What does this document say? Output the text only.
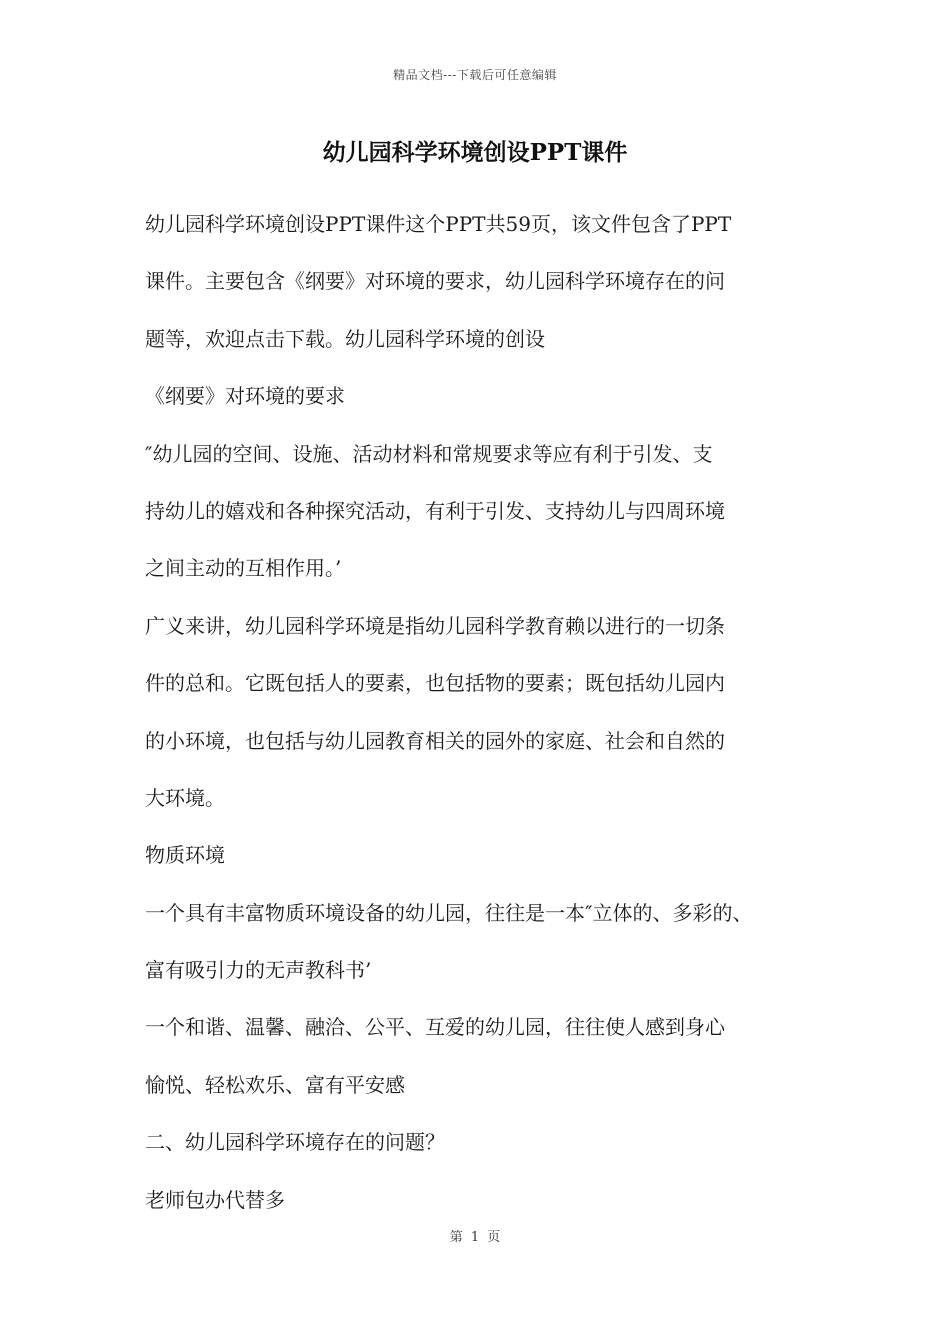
精品文档---下载后可任意编辑
幼儿园科学环境创设PPT课件
幼儿园科学环境创设PPT课件这个PPT共59页，该文件包含了PPT
课件。主要包含《纲要》对环境的要求，幼儿园科学环境存在的问
题等，欢迎点击下载。幼儿园科学环境的创设
《纲要》对环境的要求
″幼儿园的空间、设施、活动材料和常规要求等应有利于引发、支
持幼儿的嬉戏和各种探究活动，有利于引发、支持幼儿与四周环境
之间主动的互相作用。’
广义来讲，幼儿园科学环境是指幼儿园科学教育赖以进行的一切条
件的总和。它既包括人的要素，也包括物的要素；既包括幼儿园内
的小环境，也包括与幼儿园教育相关的园外的家庭、社会和自然的
大环境。
物质环境
一个具有丰富物质环境设备的幼儿园，往往是一本″立体的、多彩的、
富有吸引力的无声教科书’
一个和谐、温馨、融洽、公平、互爱的幼儿园，往往使人感到身心
愉悦、轻松欢乐、富有平安感
二、幼儿园科学环境存在的问题？
老师包办代替多
第 1 页
